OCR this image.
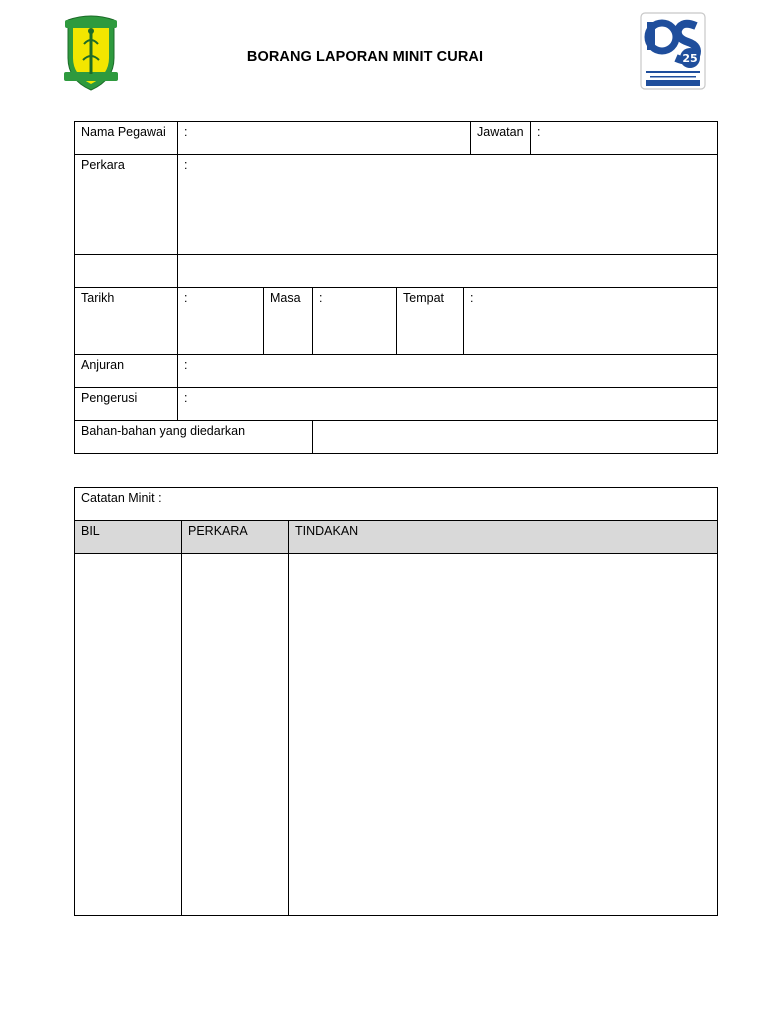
25
BORANG LAPORAN MINIT CURAI
Nama Pegawai	:					Jawatan	:
Perkara	:						

Tarikh	:	Masa	:	Tempat	:		
Anjuran	:						
Pengerusi	:						
Bahan-bahan yang diedarkan							
Catatan Minit :		
BIL	PERKARA	TINDAKAN
